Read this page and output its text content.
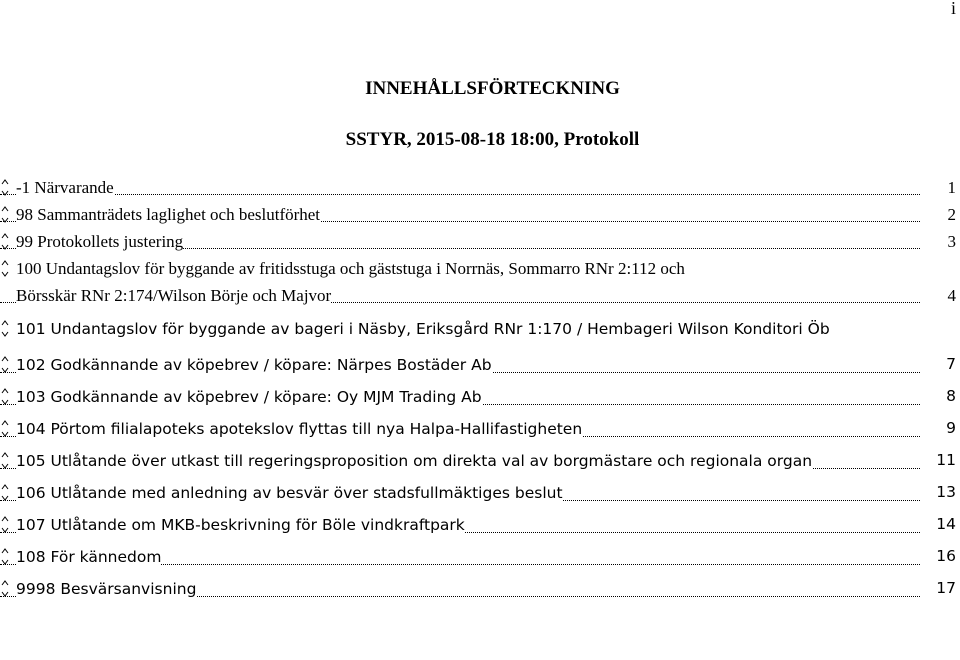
i
INNEHÅLLSFÖRTECKNING
SSTYR, 2015-08-18 18:00, Protokoll
-1 Närvarande	1
98 Sammanträdets laglighet och beslutförhet	2
99 Protokollets justering	3
100 Undantagslov för byggande av fritidsstuga och gäststuga i Norrnäs, Sommarro RNr 2:112 och
Börsskär RNr 2:174/Wilson Börje och Majvor	4
101 Undantagslov för byggande av bageri i Näsby, Eriksgård RNr 1:170 / Hembageri Wilson Konditori Öb
102 Godkännande av köpebrev / köpare: Närpes Bostäder Ab	7
103 Godkännande av köpebrev / köpare: Oy MJM Trading Ab	8
104 Pörtom filialapoteks apotekslov flyttas till nya Halpa-Hallifastigheten	9
105 Utlåtande över utkast till regeringsproposition om direkta val av borgmästare och regionala organ	11
106 Utlåtande med anledning av besvär över stadsfullmäktiges beslut	13
107 Utlåtande om MKB-beskrivning för Böle vindkraftpark	14
108 För kännedom	16
9998 Besvärsanvisning	17
